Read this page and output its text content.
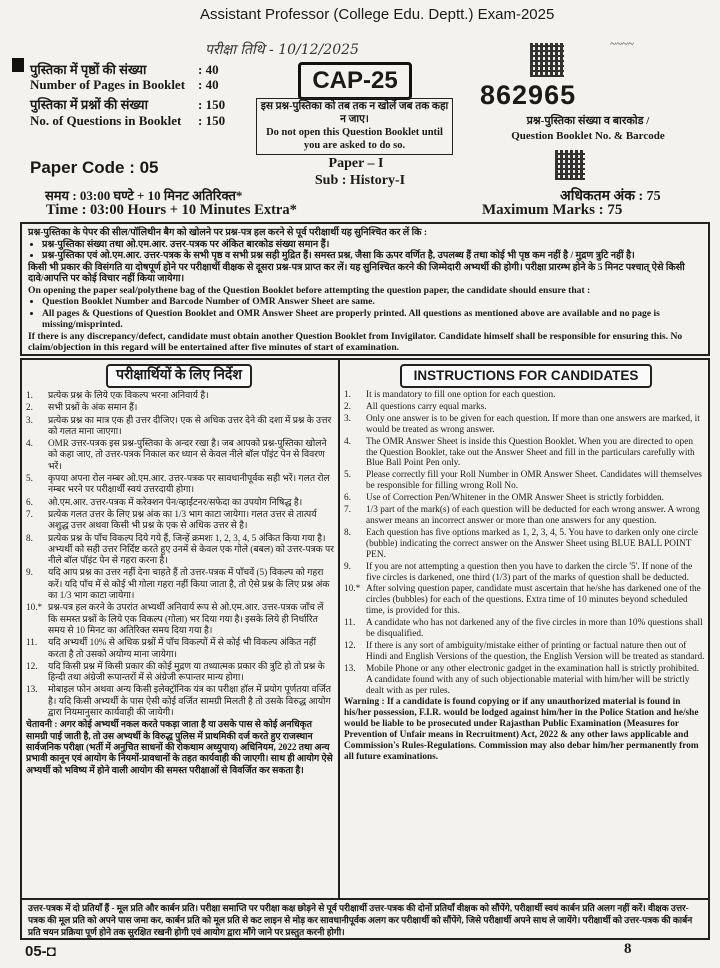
Assistant Professor (College Edu. Deptt.) Exam-2025
परीक्षा तिथि - 10/12/2025	~~~~
पुस्तिका में पृष्ठों की संख्या	: 40
Number of Pages in Booklet : 40
पुस्तिका में प्रश्नों की संख्या	: 150
No. of Questions in Booklet : 150
CAP-25
इस प्रश्न-पुस्तिका को तब तक न खोलें जब तक कहा न जाए।
Do not open this Question Booklet until you are asked to do so.
862965
प्रश्न-पुस्तिका संख्या व बारकोड /
Question Booklet No. & Barcode
Paper Code : 05	Paper – I
Sub : History-I
समय : 03:00 घण्टे + 10 मिनट अतिरिक्त*
Time : 03:00 Hours + 10 Minutes Extra*
अधिकतम अंक : 75
Maximum Marks : 75

प्रश्न-पुस्तिका के पेपर की सील/पॉलिथीन बैग को खोलने पर प्रश्न-पत्र हल करने से पूर्व परीक्षार्थी यह सुनिश्चित कर लें कि :

• प्रश्न-पुस्तिका संख्या तथा ओ.एम.आर. उत्तर-पत्रक पर अंकित बारकोड संख्या समान हैं।
• प्रश्न-पुस्तिका एवं ओ.एम.आर. उत्तर-पत्रक के सभी पृष्ठ व सभी प्रश्न सही मुद्रित हैं। समस्त प्रश्न, जैसा कि ऊपर वर्णित है, उपलब्ध हैं तथा कोई भी पृष्ठ कम नहीं है / मुद्रण त्रुटि नहीं है।

किसी भी प्रकार की विसंगति या दोषपूर्ण होने पर परीक्षार्थी वीक्षक से दूसरा प्रश्न-पत्र प्राप्त कर लें। यह सुनिश्चित करने की जिम्मेदारी अभ्यर्थी की होगी। परीक्षा प्रारम्भ होने के 5 मिनट पश्चात् ऐसे किसी दावे/आपत्ति पर कोई विचार नहीं किया जायेगा।

On opening the paper seal/polythene bag of the Question Booklet before attempting the question paper, the candidate should ensure that :

• Question Booklet Number and Barcode Number of OMR Answer Sheet are same.
• All pages & Questions of Question Booklet and OMR Answer Sheet are properly printed. All questions as mentioned above are available and no page is missing/misprinted.

If there is any discrepancy/defect, candidate must obtain another Question Booklet from Invigilator. Candidate himself shall be responsible for ensuring this. No claim/objection in this regard will be entertained after five minutes of start of examination.

परीक्षार्थियों के लिए निर्देश	INSTRUCTIONS FOR CANDIDATES
1. प्रत्येक प्रश्न के लिये एक विकल्प भरना अनिवार्य है।
2. सभी प्रश्नों के अंक समान हैं।
3. प्रत्येक प्रश्न का मात्र एक ही उत्तर दीजिए। एक से अधिक उत्तर देने की दशा में प्रश्न के उत्तर को गलत माना जाएगा।
4. OMR उत्तर-पत्रक इस प्रश्न-पुस्तिका के अन्दर रखा है। जब आपको प्रश्न-पुस्तिका खोलने को कहा जाए, तो उत्तर-पत्रक निकाल कर ध्यान से केवल नीले बॉल पॉइंट पेन से विवरण भरें।
5. कृपया अपना रोल नम्बर ओ.एम.आर. उत्तर-पत्रक पर सावधानीपूर्वक सही भरें। गलत रोल नम्बर भरने पर परीक्षार्थी स्वयं उत्तरदायी होगा।
6. ओ.एम.आर. उत्तर-पत्रक में करेक्शन पेन/व्हाईटनर/सफेदा का उपयोग निषिद्ध है।
7. प्रत्येक गलत उत्तर के लिए प्रश्न अंक का 1/3 भाग काटा जायेगा। गलत उत्तर से तात्पर्य अशुद्ध उत्तर अथवा किसी भी प्रश्न के एक से अधिक उत्तर से है।
8. प्रत्येक प्रश्न के पाँच विकल्प दिये गये हैं, जिन्हें क्रमशः 1, 2, 3, 4, 5 अंकित किया गया है। अभ्यर्थी को सही उत्तर निर्दिष्ट करते हुए उनमें से केवल एक गोले (बबल) को उत्तर-पत्रक पर नीले बॉल पॉइंट पेन से गहरा करना है।
9. यदि आप प्रश्न का उत्तर नहीं देना चाहते हैं तो उत्तर-पत्रक में पाँचवें (5) विकल्प को गहरा करें। यदि पाँच में से कोई भी गोला गहरा नहीं किया जाता है, तो ऐसे प्रश्न के लिए प्रश्न अंक का 1/3 भाग काटा जायेगा।
10.* प्रश्न-पत्र हल करने के उपरांत अभ्यर्थी अनिवार्य रूप से ओ.एम.आर. उत्तर-पत्रक जाँच लें कि समस्त प्रश्नों के लिये एक विकल्प (गोला) भर दिया गया है। इसके लिये ही निर्धारित समय से 10 मिनट का अतिरिक्त समय दिया गया है।
11. यदि अभ्यर्थी 10% से अधिक प्रश्नों में पाँच विकल्पों में से कोई भी विकल्प अंकित नहीं करता है तो उसको अयोग्य माना जायेगा।
12. यदि किसी प्रश्न में किसी प्रकार की कोई मुद्रण या तथ्यात्मक प्रकार की त्रुटि हो तो प्रश्न के हिन्दी तथा अंग्रेजी रूपान्तरों में से अंग्रेजी रूपान्तर मान्य होगा।
13. मोबाइल फोन अथवा अन्य किसी इलेक्ट्रॉनिक यंत्र का परीक्षा हॉल में प्रयोग पूर्णतया वर्जित है। यदि किसी अभ्यर्थी के पास ऐसी कोई वर्जित सामग्री मिलती है तो उसके विरुद्ध आयोग द्वारा नियमानुसार कार्यवाही की जायेगी।
चेतावनी : अगर कोई अभ्यर्थी नकल करते पकड़ा जाता है या उसके पास से कोई अनधिकृत सामग्री पाई जाती है, तो उस अभ्यर्थी के विरुद्ध पुलिस में प्राथमिकी दर्ज करते हुए राजस्थान सार्वजनिक परीक्षा (भर्ती में अनुचित साधनों की रोकथाम अध्युपाय) अधिनियम, 2022 तथा अन्य प्रभावी कानून एवं आयोग के नियमों-प्रावधानों के तहत कार्यवाही की जाएगी। साथ ही आयोग ऐसे अभ्यर्थी को भविष्य में होने वाली आयोग की समस्त परीक्षाओं से विवर्जित कर सकता है।
1. It is mandatory to fill one option for each question.
2. All questions carry equal marks.
3. Only one answer is to be given for each question. If more than one answers are marked, it would be treated as wrong answer.
4. The OMR Answer Sheet is inside this Question Booklet. When you are directed to open the Question Booklet, take out the Answer Sheet and fill in the particulars carefully with Blue Ball Point Pen only.
5. Please correctly fill your Roll Number in OMR Answer Sheet. Candidates will themselves be responsible for filling wrong Roll No.
6. Use of Correction Pen/Whitener in the OMR Answer Sheet is strictly forbidden.
7. 1/3 part of the mark(s) of each question will be deducted for each wrong answer. A wrong answer means an incorrect answer or more than one answers for any question.
8. Each question has five options marked as 1, 2, 3, 4, 5. You have to darken only one circle (bubble) indicating the correct answer on the Answer Sheet using BLUE BALL POINT PEN.
9. If you are not attempting a question then you have to darken the circle '5'. If none of the five circles is darkened, one third (1/3) part of the marks of question shall be deducted.
10.* After solving question paper, candidate must ascertain that he/she has darkened one of the circles (bubbles) for each of the questions. Extra time of 10 minutes beyond scheduled time, is provided for this.
11. A candidate who has not darkened any of the five circles in more than 10% questions shall be disqualified.
12. If there is any sort of ambiguity/mistake either of printing or factual nature then out of Hindi and English Versions of the question, the English Version will be treated as standard.
13. Mobile Phone or any other electronic gadget in the examination hall is strictly prohibited. A candidate found with any of such objectionable material with him/her will be strictly dealt with as per rules.
Warning : If a candidate is found copying or if any unauthorized material is found in his/her possession, F.I.R. would be lodged against him/her in the Police Station and he/she would be liable to be prosecuted under Rajasthan Public Examination (Measures for Prevention of Unfair means in Recruitment) Act, 2022 & any other laws applicable and Commission's Rules-Regulations. Commission may also debar him/her permanently from all future examinations.
उत्तर-पत्रक में दो प्रतियाँ हैं - मूल प्रति और कार्बन प्रति। परीक्षा समाप्ति पर परीक्षा कक्ष छोड़ने से पूर्व परीक्षार्थी उत्तर-पत्रक की दोनों प्रतियाँ वीक्षक को सौंपेंगे, परीक्षार्थी स्वयं कार्बन प्रति अलग नहीं करें। वीक्षक उत्तर-पत्रक की मूल प्रति को अपने पास जमा कर, कार्बन प्रति को मूल प्रति से कट लाइन से मोड़ कर सावधानीपूर्वक अलग कर परीक्षार्थी को सौंपेंगे, जिसे परीक्षार्थी अपने साथ ले जायेंगे। परीक्षार्थी को उत्तर-पत्रक की कार्बन प्रति चयन प्रक्रिया पूर्ण होने तक सुरक्षित रखनी होगी एवं आयोग द्वारा माँगे जाने पर प्रस्तुत करनी होगी।
05-◘	8
